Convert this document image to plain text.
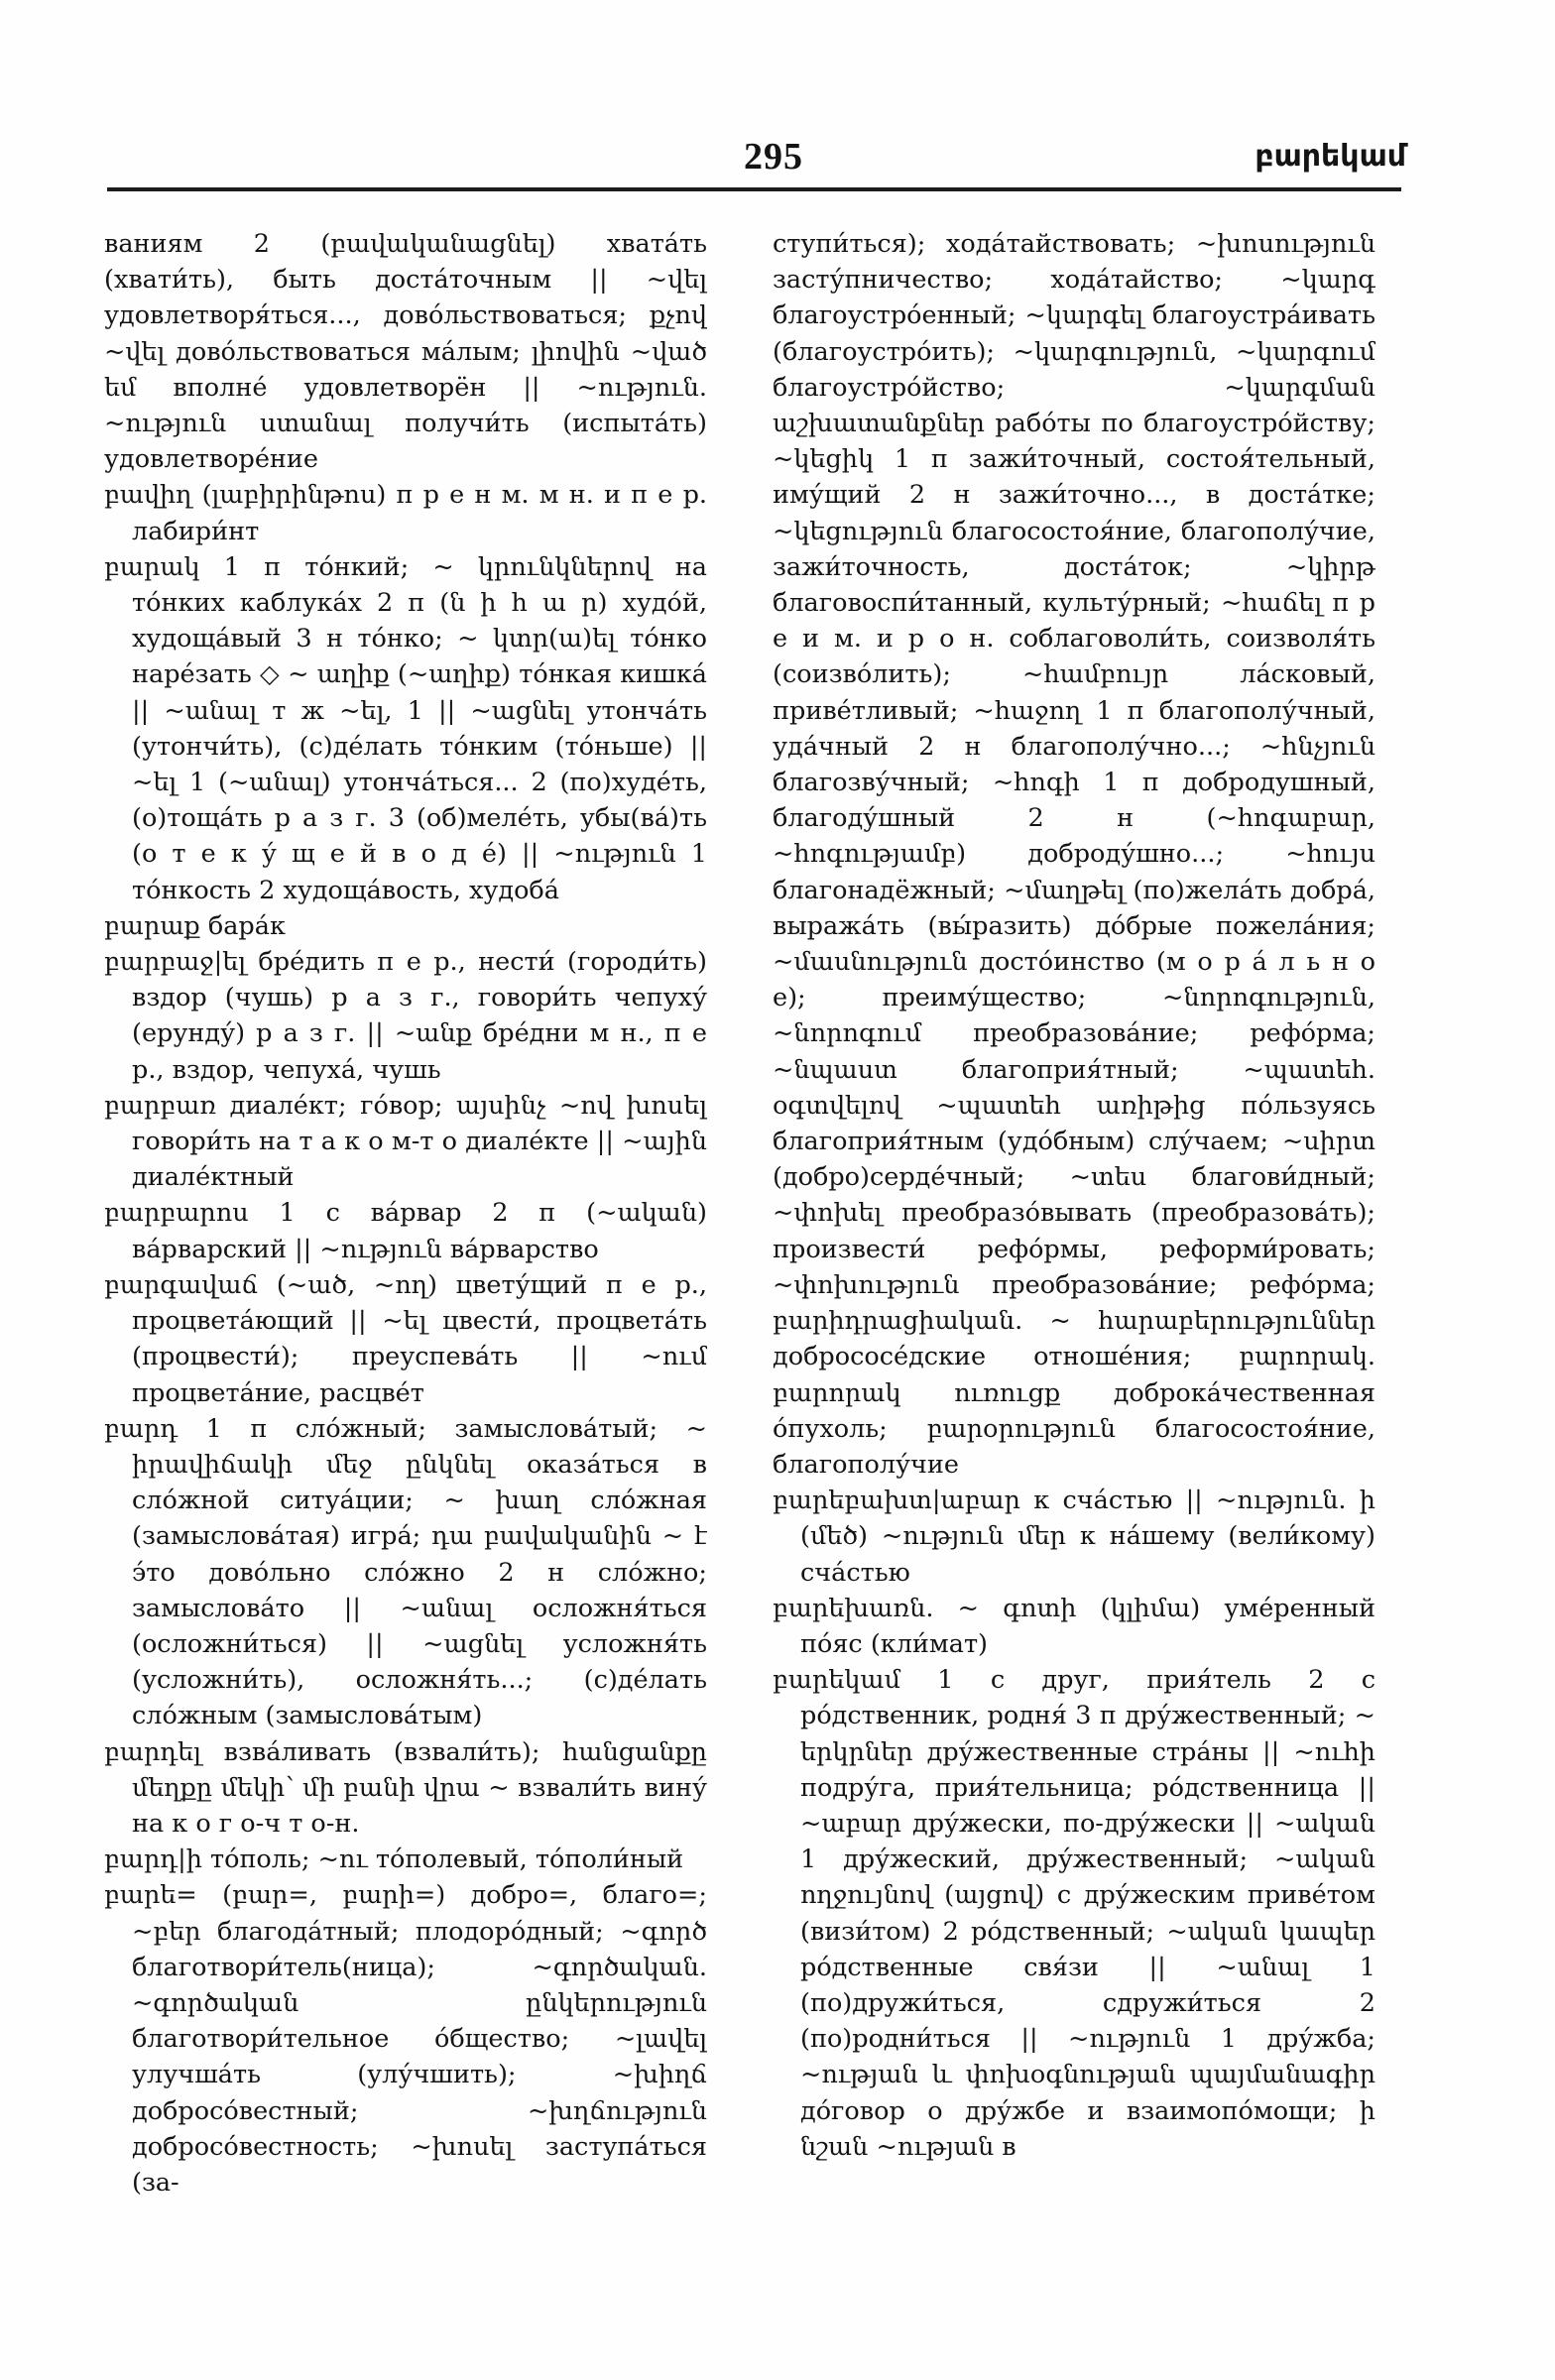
295	բարեկամ

ваниям 2 (բավականացնել) хвата́ть (хвати́ть), быть доста́точным || ~վել удовлетворя́ться..., дово́льствоваться; քչով ~վել дово́льствоваться ма́лым; լիովին ~ված եմ вполне́ удовлетворён || ~ություն. ~ություն ստանալ получи́ть (испыта́ть) удовлетворе́ние

բավիղ (լաբիրինթոս) п р е н м. м н. и п е р. лабири́нт

բարակ 1 п то́нкий; ~ կրունկներով на то́нких каблука́х 2 п (ն ի հ ա ր) худо́й, худоща́вый 3 н то́нко; ~ կտր(ա)ել то́нко наре́зать ◇ ~ աղիք (~աղիք) то́нкая кишка́ || ~անալ т ж ~ել, 1 || ~ացնել утонча́ть (утончи́ть), (с)де́лать то́нким (то́ньше) || ~ել 1 (~անալ) утонча́ться... 2 (по)худе́ть, (о)тоща́ть р а з г. 3 (об)меле́ть, убы(ва́)ть (о т е к у́ щ е й в о д е́) || ~ություն 1 то́нкость 2 худоща́вость, худоба́

բարաք бара́к

բարբաջ|ել бре́дить п е р., нести́ (городи́ть) вздор (чушь) р а з г., говори́ть чепуху́ (ерунду́) р а з г. || ~անք бре́дни м н., п е р., вздор, чепуха́, чушь

բարբառ диале́кт; го́вор; այսինչ ~ով խոսել говори́ть на т а к о м-т о диале́кте || ~ային диале́ктный

բարբարոս 1 с ва́рвар 2 п (~ական) ва́рварский || ~ություն ва́рварство

բարգավաճ (~ած, ~ող) цвету́щий п е р., процвета́ющий || ~ել цвести́, процвета́ть (процвести́); преуспева́ть || ~ում процвета́ние, расцве́т

բարդ 1 п сло́жный; замыслова́тый; ~ իրավիճակի մեջ ընկնել оказа́ться в сло́жной ситуа́ции; ~ խաղ сло́жная (замыслова́тая) игра́; դա բավականին ~ է э́то дово́льно сло́жно 2 н сло́жно; замыслова́то || ~անալ осложня́ться (осложни́ться) || ~ացնել усложня́ть (усложни́ть), осложня́ть...; (с)де́лать сло́жным (замыслова́тым)

բարդել взва́ливать (взвали́ть); հանցանքը մեղքը մեկի՝ մի բանի վրա ~ взвали́ть вину́ на к о г о-ч т о-н.

բարդ|ի то́поль; ~ու то́полевый, то́поли́ный

բարե= (բար=, բարի=) добро=, благо=; ~բեր благода́тный; плодоро́дный; ~գործ благотвори́тель(ница); ~գործական. ~գործական ընկերություն благотвори́тельное о́бщество; ~լավել улучша́ть (улу́чшить); ~խիղճ добросо́вестный; ~խղճություն добросо́вестность; ~խոսել заступа́ться (за-

ступи́ться); хода́тайствовать; ~խոսություն засту́пничество; хода́тайство; ~կարգ благоустро́енный; ~կարգել благоустра́ивать (благоустро́ить); ~կարգություն, ~կարգում благоустро́йство; ~կարգման աշխատանքներ рабо́ты по благоустро́йству; ~կեցիկ 1 п зажи́точный, состоя́тельный, иму́щий 2 н зажи́точно..., в доста́тке; ~կեցություն благосостоя́ние, благополу́чие, зажи́точность, доста́ток; ~կիրթ благовоспи́танный, культу́рный; ~հաճել п р е и м. и р о н. соблаговоли́ть, соизволя́ть (соизво́лить); ~համբույր ла́сковый, приве́тливый; ~հաջող 1 п благополу́чный, уда́чный 2 н благополу́чно...; ~հնչյուն благозву́чный; ~հոգի 1 п добродушный, благоду́шный 2 н (~հոգաբար, ~հոգությամբ) доброду́шно...; ~հույս благонадёжный; ~մաղթել (по)жела́ть добра́, выража́ть (вы́разить) до́брые пожела́ния; ~մասնություն досто́инство (м о р а́ л ь н о е); преиму́щество; ~նորոգություն, ~նորոգում преобразова́ние; рефо́рма; ~նպաստ благоприя́тный; ~պատեհ. օգտվելով ~պատեհ առիթից по́льзуясь благоприя́тным (удо́бным) слу́чаем; ~սիրտ (добро)серде́чный; ~տես благови́дный; ~փոխել преобразо́вывать (преобразова́ть); произвести́ рефо́рмы, реформи́ровать; ~փոխություն преобразова́ние; рефо́рма; բարիդրացիական. ~ հարաբերություններ добрососе́дские отноше́ния; բարորակ. բարորակ ուռուցք доброка́чественная о́пухоль; բարօրություն благосостоя́ние, благополу́чие

բարեբախտ|աբար к сча́стью || ~ություն. ի (մեծ) ~ություն մեր к на́шему (вели́кому) сча́стью

բարեխառն. ~ գոտի (կլիմա) уме́ренный по́яс (кли́мат)

բարեկամ 1 с друг, прия́тель 2 с ро́дственник, родня́ 3 п дру́жественный; ~ երկրներ дру́жественные стра́ны || ~ուհի подру́га, прия́тельница; ро́дственница || ~աբար дру́жески, по-дру́жески || ~ական 1 дру́жеский, дру́жественный; ~ական ողջույնով (այցով) с дру́жеским приве́том (визи́том) 2 ро́дственный; ~ական կապեր ро́дственные свя́зи || ~անալ 1 (по)дружи́ться, сдружи́ться 2 (по)родни́ться || ~ություն 1 дру́жба; ~ության և փոխօգնության պայմանագիր до́говор о дру́жбе и взаимопо́мощи; ի նշան ~ության в
